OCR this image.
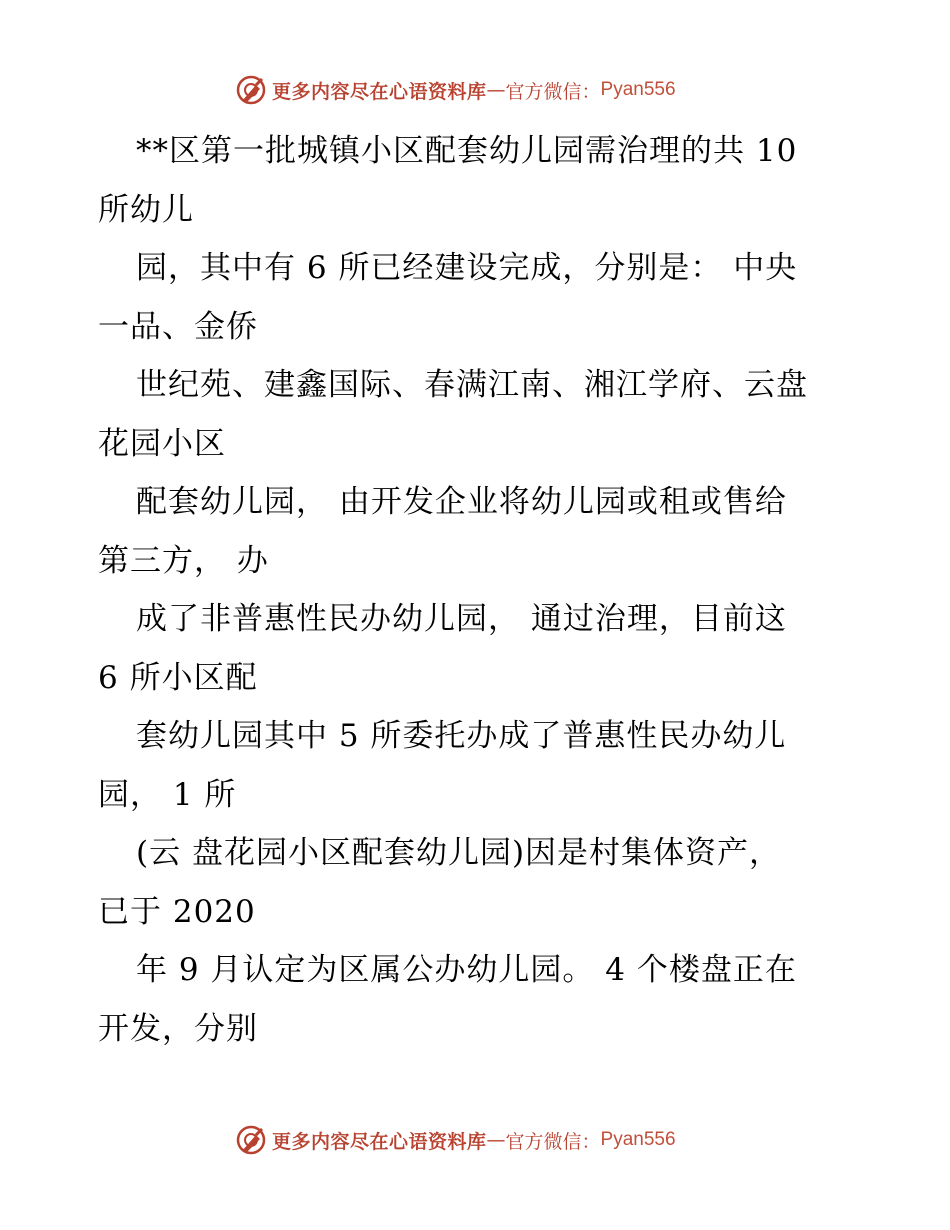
更多内容尽在心语资料库 — 官方微信： Pyan556
**区第一批城镇小区配套幼儿园需治理的共 10
所幼儿
园，其中有 6 所已经建设完成，分别是： 中央
一品、金侨
世纪苑、建鑫国际、春满江南、湘江学府、云盘
花园小区
配套幼儿园， 由开发企业将幼儿园或租或售给
第三方， 办
成了非普惠性民办幼儿园， 通过治理，目前这
6 所小区配
套幼儿园其中 5 所委托办成了普惠性民办幼儿
园， 1 所
(云 盘花园小区配套幼儿园)因是村集体资产，
已于 2020
年 9 月认定为区属公办幼儿园。 4 个楼盘正在
开发，分别
更多内容尽在心语资料库 — 官方微信： Pyan556
